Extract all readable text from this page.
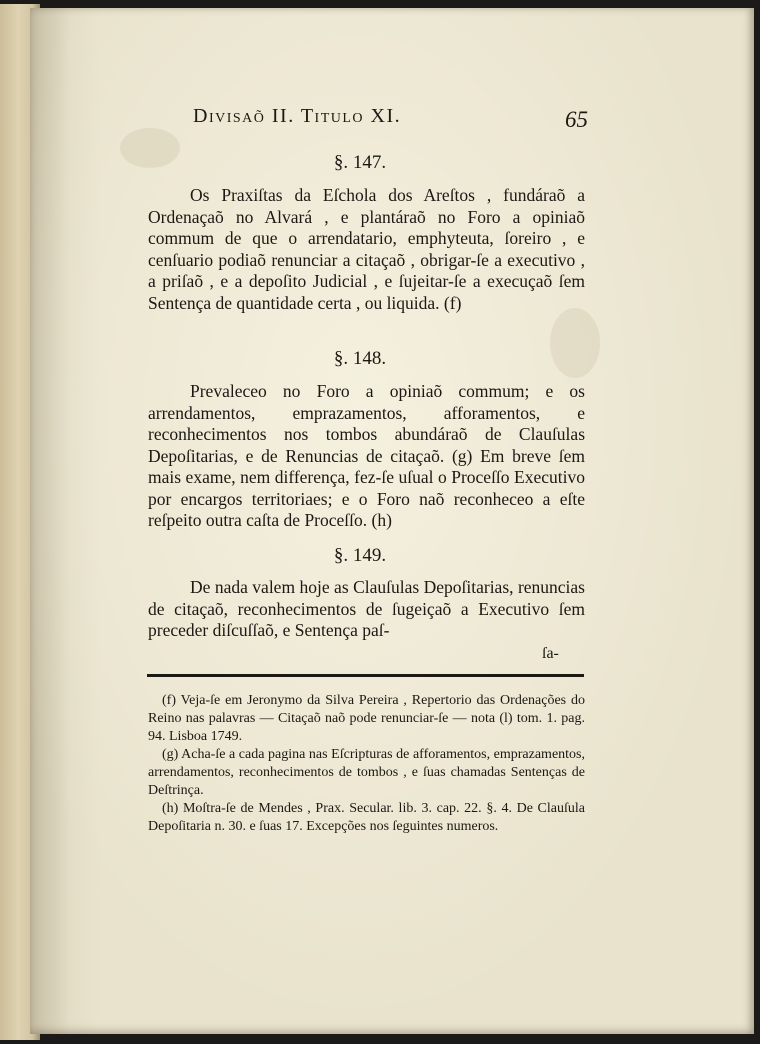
Divisaõ II. Titulo XI.	65
§. 147.

Os Praxiſtas da Eſchola dos Areſtos , fundáraõ a Ordenaçaõ no Alvará , e plantáraõ no Foro a opiniaõ commum de que o arrendatario, emphyteuta, ſoreiro , e cenſuario podiaõ renunciar a citaçaõ , obrigar-ſe a executivo , a priſaõ , e a depoſito Judicial , e ſujeitar-ſe a execuçaõ ſem Sentença de quantidade certa , ou liquida. (f)

§. 148.

Prevaleceo no Foro a opiniaõ commum; e os arrendamentos, emprazamentos, afforamentos, e reconhecimentos nos tombos abundáraõ de Clauſulas Depoſitarias, e de Renuncias de citaçaõ. (g) Em breve ſem mais exame, nem differença, fez-ſe uſual o Proceſſo Executivo por encargos territoriaes; e o Foro naõ reconheceo a eſte reſpeito outra caſta de Proceſſo. (h)

§. 149.

De nada valem hoje as Clauſulas Depoſitarias, renuncias de citaçaõ, reconhecimentos de ſugeiçaõ a Executivo ſem preceder diſcuſſaõ, e Sentença paſ-

ſa-

(f) Veja-ſe em Jeronymo da Silva Pereira , Repertorio das Ordenações do Reino nas palavras — Citaçaõ naõ pode renunciar-ſe — nota (l) tom. 1. pag. 94. Lisboa 1749.

(g) Acha-ſe a cada pagina nas Eſcripturas de afforamentos, emprazamentos, arrendamentos, reconhecimentos de tombos , e ſuas chamadas Sentenças de Deſtrinça.

(h) Moſtra-ſe de Mendes , Prax. Secular. lib. 3. cap. 22. §. 4. De Clauſula Depoſitaria n. 30. e ſuas 17. Excepções nos ſeguintes numeros.
